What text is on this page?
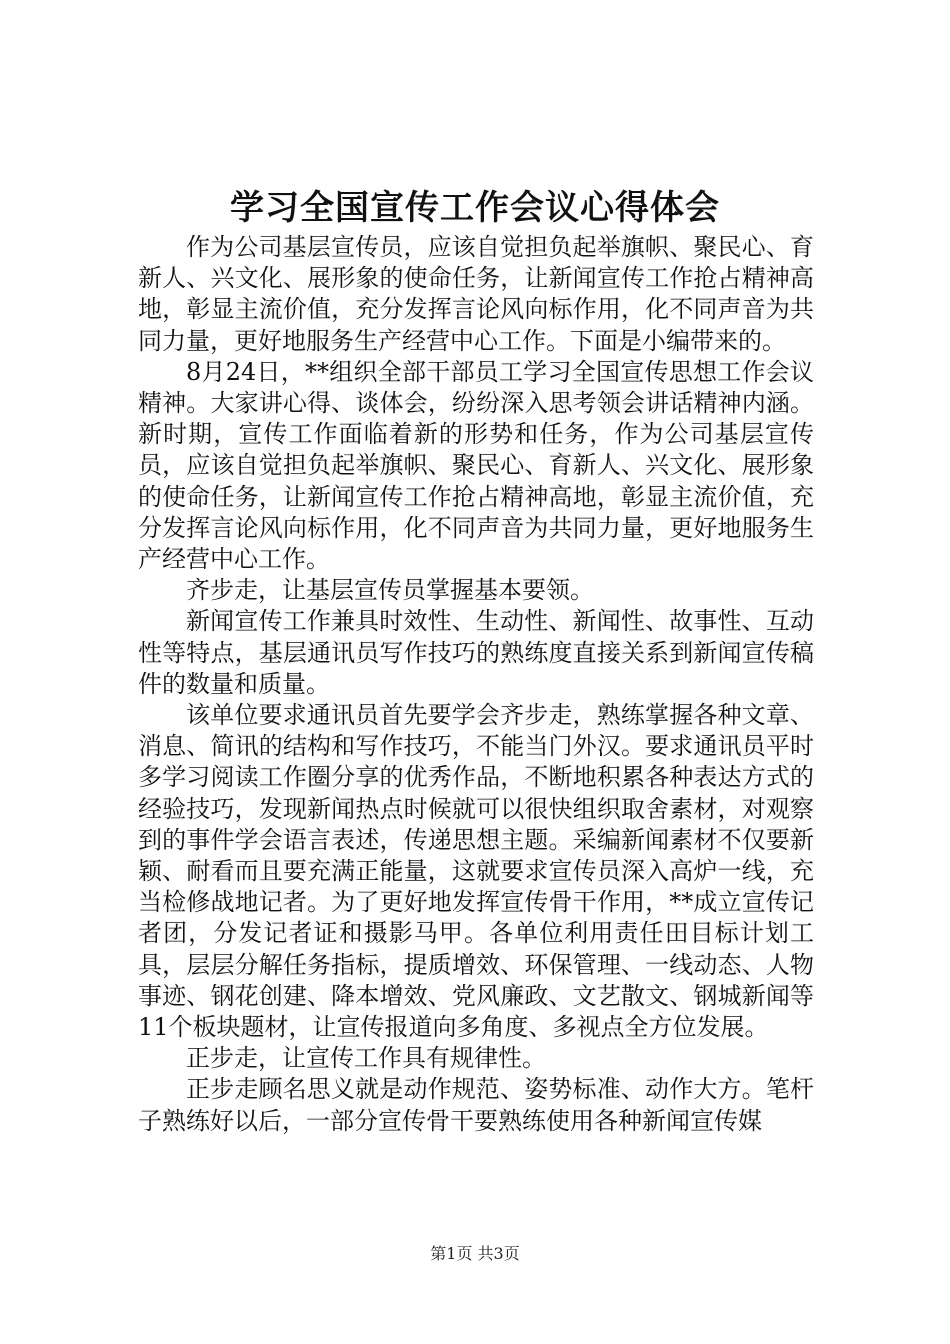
学习全国宣传工作会议心得体会

作为公司基层宣传员，应该自觉担负起举旗帜、聚民心、育新人、兴文化、展形象的使命任务，让新闻宣传工作抢占精神高地，彰显主流价值，充分发挥言论风向标作用，化不同声音为共同力量，更好地服务生产经营中心工作。下面是小编带来的。

8月24日，**组织全部干部员工学习全国宣传思想工作会议精神。大家讲心得、谈体会，纷纷深入思考领会讲话精神内涵。新时期，宣传工作面临着新的形势和任务，作为公司基层宣传员，应该自觉担负起举旗帜、聚民心、育新人、兴文化、展形象的使命任务，让新闻宣传工作抢占精神高地，彰显主流价值，充分发挥言论风向标作用，化不同声音为共同力量，更好地服务生产经营中心工作。

齐步走，让基层宣传员掌握基本要领。

新闻宣传工作兼具时效性、生动性、新闻性、故事性、互动性等特点，基层通讯员写作技巧的熟练度直接关系到新闻宣传稿件的数量和质量。

该单位要求通讯员首先要学会齐步走，熟练掌握各种文章、消息、简讯的结构和写作技巧，不能当门外汉。要求通讯员平时多学习阅读工作圈分享的优秀作品，不断地积累各种表达方式的经验技巧，发现新闻热点时候就可以很快组织取舍素材，对观察到的事件学会语言表述，传递思想主题。采编新闻素材不仅要新颖、耐看而且要充满正能量，这就要求宣传员深入高炉一线，充当检修战地记者。为了更好地发挥宣传骨干作用，**成立宣传记者团，分发记者证和摄影马甲。各单位利用责任田目标计划工具，层层分解任务指标，提质增效、环保管理、一线动态、人物事迹、钢花创建、降本增效、党风廉政、文艺散文、钢城新闻等11个板块题材，让宣传报道向多角度、多视点全方位发展。

正步走，让宣传工作具有规律性。

正步走顾名思义就是动作规范、姿势标准、动作大方。笔杆子熟练好以后，一部分宣传骨干要熟练使用各种新闻宣传媒

第1页 共3页
